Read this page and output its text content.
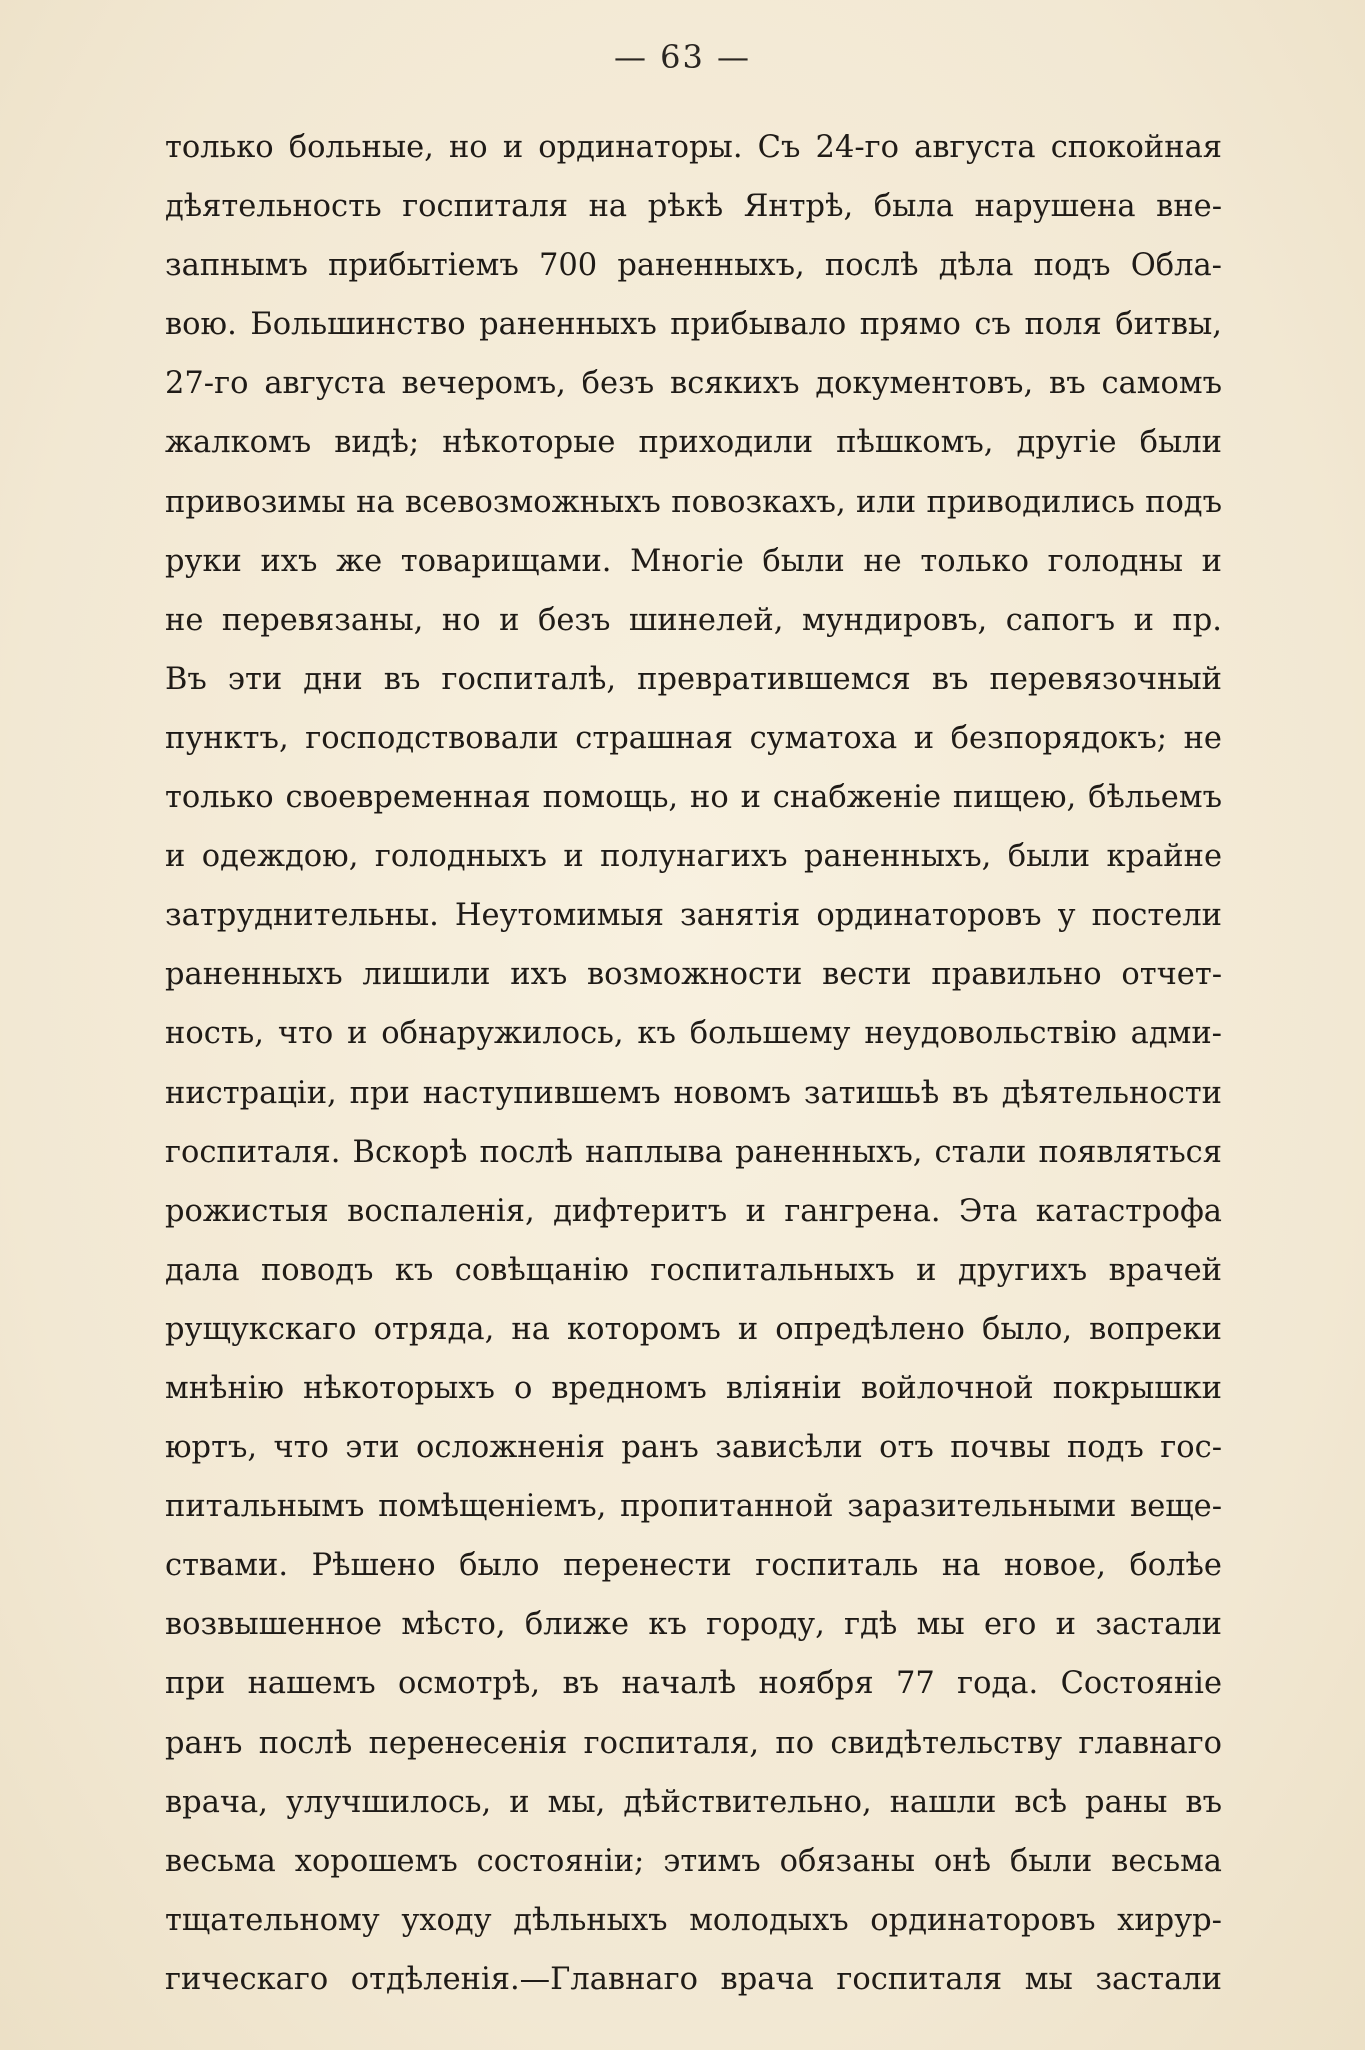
— 63 —
только больные, но и ординаторы. Съ 24-го августа спокойная
дѣятельность госпиталя на рѣкѣ Янтрѣ, была нарушена вне-
запнымъ прибытіемъ 700 раненныхъ, послѣ дѣла подъ Обла-
вою. Большинство раненныхъ прибывало прямо съ поля битвы,
27-го августа вечеромъ, безъ всякихъ документовъ, въ самомъ
жалкомъ видѣ; нѣкоторые приходили пѣшкомъ, другіе были
привозимы на всевозможныхъ повозкахъ, или приводились подъ
руки ихъ же товарищами. Многіе были не только голодны и
не перевязаны, но и безъ шинелей, мундировъ, сапогъ и пр.
Въ эти дни въ госпиталѣ, превратившемся въ перевязочный
пунктъ, господствовали страшная суматоха и безпорядокъ; не
только своевременная помощь, но и снабженіе пищею, бѣльемъ
и одеждою, голодныхъ и полунагихъ раненныхъ, были крайне
затруднительны. Неутомимыя занятія ординаторовъ у постели
раненныхъ лишили ихъ возможности вести правильно отчет-
ность, что и обнаружилось, къ большему неудовольствію адми-
нистраціи, при наступившемъ новомъ затишьѣ въ дѣятельности
госпиталя. Вскорѣ послѣ наплыва раненныхъ, стали появляться
рожистыя воспаленія, дифтеритъ и гангрена. Эта катастрофа
дала поводъ къ совѣщанію госпитальныхъ и другихъ врачей
рущукскаго отряда, на которомъ и опредѣлено было, вопреки
мнѣнію нѣкоторыхъ о вредномъ вліяніи войлочной покрышки
юртъ, что эти осложненія ранъ зависѣли отъ почвы подъ гос-
питальнымъ помѣщеніемъ, пропитанной заразительными веще-
ствами. Рѣшено было перенести госпиталь на новое, болѣе
возвышенное мѣсто, ближе къ городу, гдѣ мы его и застали
при нашемъ осмотрѣ, въ началѣ ноября 77 года. Состояніе
ранъ послѣ перенесенія госпиталя, по свидѣтельству главнаго
врача, улучшилось, и мы, дѣйствительно, нашли всѣ раны въ
весьма хорошемъ состояніи; этимъ обязаны онѣ были весьма
тщательному уходу дѣльныхъ молодыхъ ординаторовъ хирур-
гическаго отдѣленія.—Главнаго врача госпиталя мы застали
